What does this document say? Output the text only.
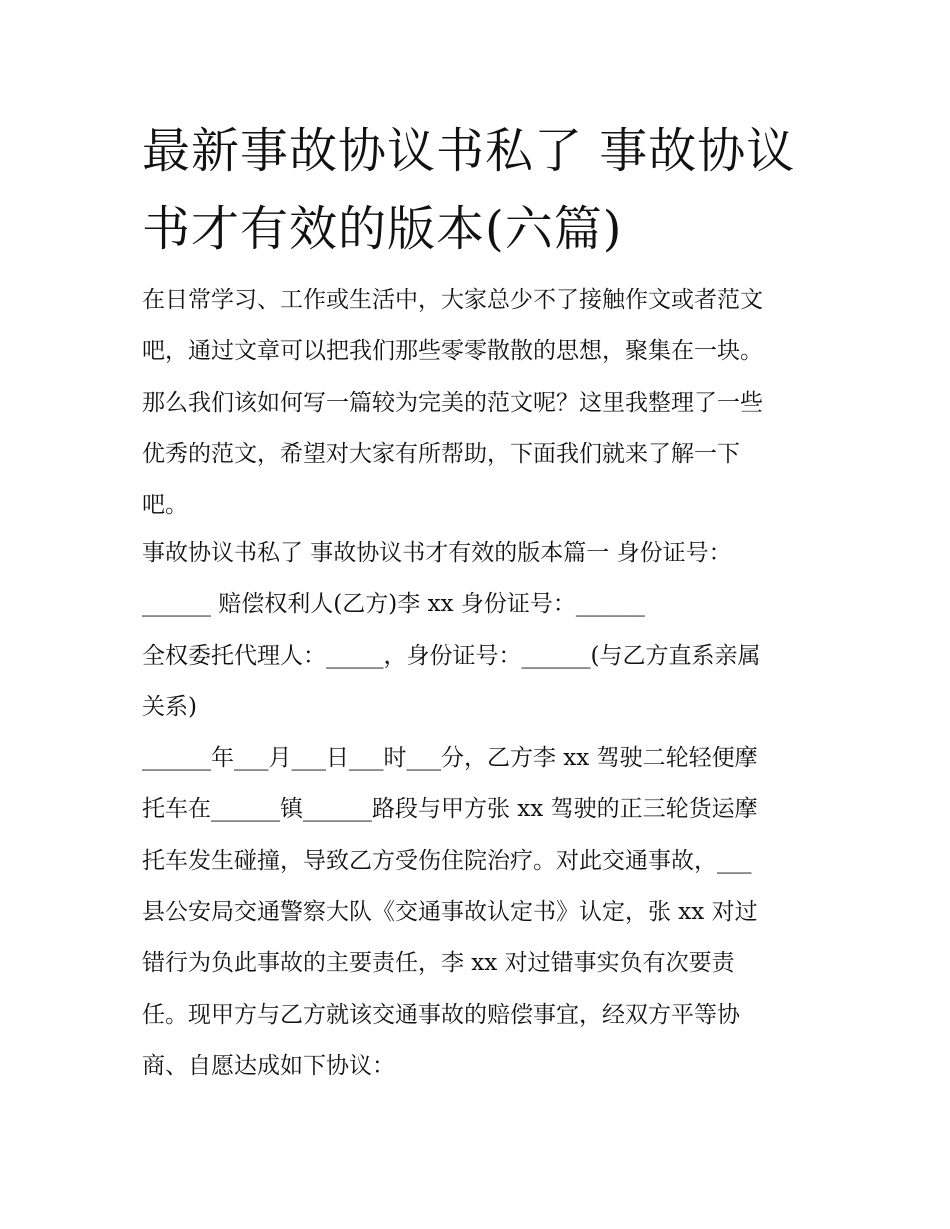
最新事故协议书私了 事故协议
书才有效的版本(六篇)
在日常学习、工作或生活中，大家总少不了接触作文或者范文
吧，通过文章可以把我们那些零零散散的思想，聚集在一块。
那么我们该如何写一篇较为完美的范文呢？这里我整理了一些
优秀的范文，希望对大家有所帮助，下面我们就来了解一下
吧。
事故协议书私了 事故协议书才有效的版本篇一 身份证号：
______ 赔偿权利人(乙方)李 xx 身份证号：______
全权委托代理人：_____，身份证号：______(与乙方直系亲属
关系)
______年___月___日___时___分，乙方李 xx 驾驶二轮轻便摩
托车在______镇______路段与甲方张 xx 驾驶的正三轮货运摩
托车发生碰撞，导致乙方受伤住院治疗。对此交通事故，___
县公安局交通警察大队《交通事故认定书》认定，张 xx 对过
错行为负此事故的主要责任，李 xx 对过错事实负有次要责
任。现甲方与乙方就该交通事故的赔偿事宜，经双方平等协
商、自愿达成如下协议：
